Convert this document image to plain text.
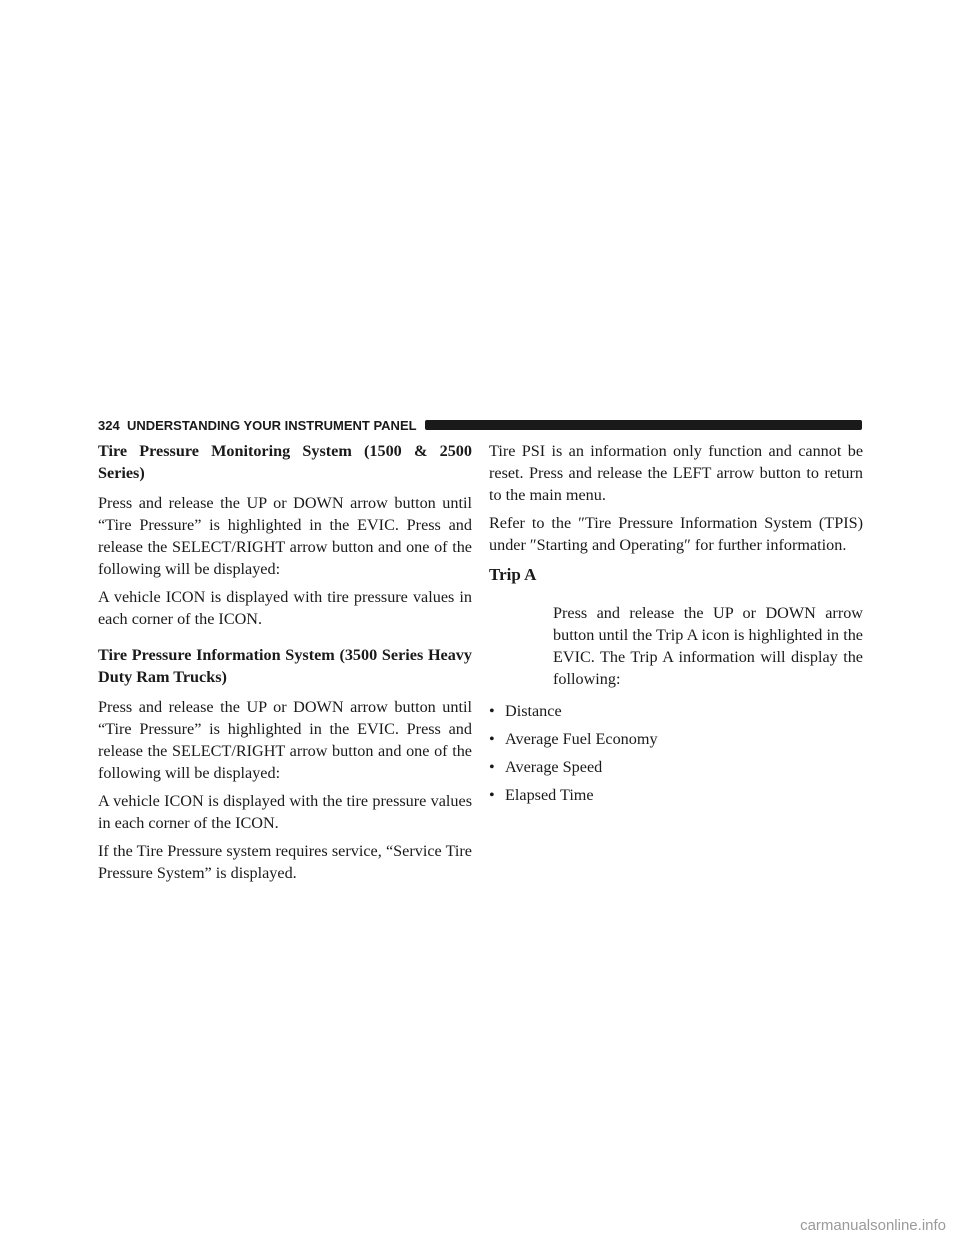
324 UNDERSTANDING YOUR INSTRUMENT PANEL

Tire Pressure Monitoring System (1500 & 2500 Series)

Press and release the UP or DOWN arrow button until “Tire Pressure” is highlighted in the EVIC. Press and release the SELECT/RIGHT arrow button and one of the following will be displayed:

A vehicle ICON is displayed with tire pressure values in each corner of the ICON.

Tire Pressure Information System (3500 Series Heavy Duty Ram Trucks)

Press and release the UP or DOWN arrow button until “Tire Pressure” is highlighted in the EVIC. Press and release the SELECT/RIGHT arrow button and one of the following will be displayed:

A vehicle ICON is displayed with the tire pressure values in each corner of the ICON.

If the Tire Pressure system requires service, “Service Tire Pressure System” is displayed.

Tire PSI is an information only function and cannot be reset. Press and release the LEFT arrow button to return to the main menu.

Refer to the ″Tire Pressure Information System (TPIS) under ″Starting and Operating″ for further information.

Trip A

Press and release the UP or DOWN arrow button until the Trip A icon is highlighted in the EVIC. The Trip A information will display the following:

• Distance
• Average Fuel Economy
• Average Speed
• Elapsed Time
carmanualsonline.info
